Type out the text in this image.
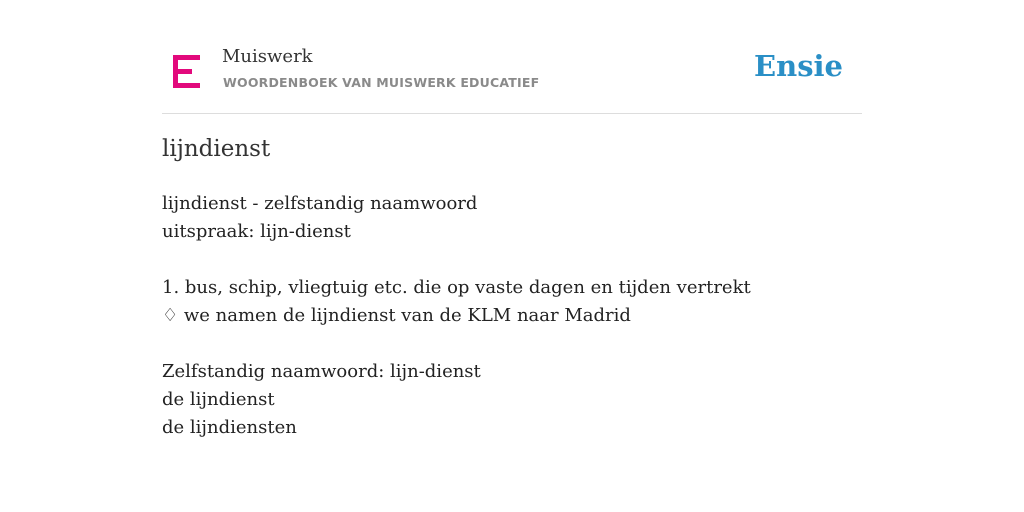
Muiswerk
WOORDENBOEK VAN MUISWERK EDUCATIEF	Ensie
lijndienst
lijndienst - zelfstandig naamwoord
uitspraak: lijn-dienst
1. bus, schip, vliegtuig etc. die op vaste dagen en tijden vertrekt
♢ we namen de lijndienst van de KLM naar Madrid
Zelfstandig naamwoord: lijn-dienst
de lijndienst
de lijndiensten
